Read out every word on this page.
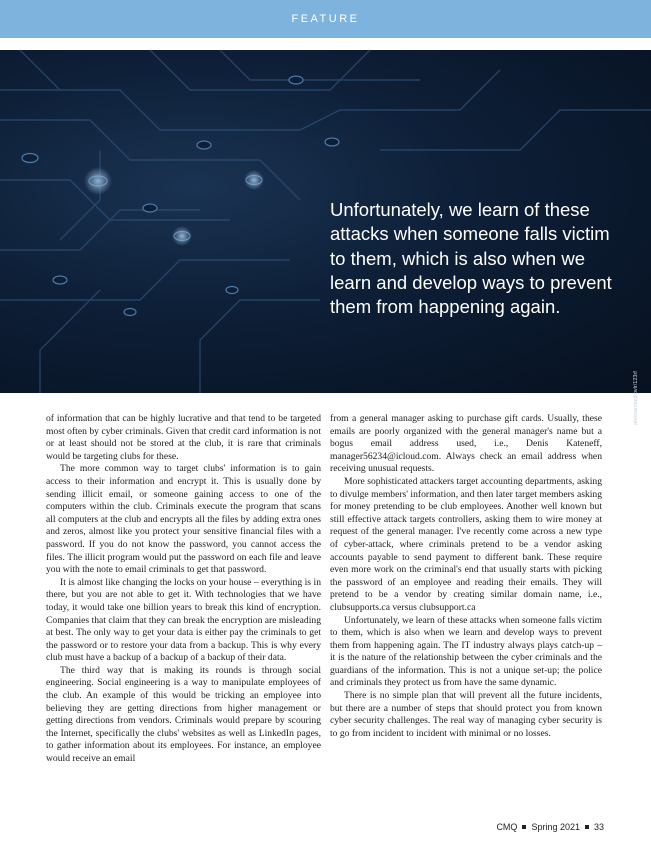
FEATURE

Unfortunately, we learn of these attacks when someone falls victim to them, which is also when we learn and develop ways to prevent them from happening again.

aleksandarjkovlr/123rf

of information that can be highly lucrative and that tend to be targeted most often by cyber criminals. Given that credit card information is not or at least should not be stored at the club, it is rare that criminals would be targeting clubs for these.

The more common way to target clubs' information is to gain access to their information and encrypt it. This is usually done by sending illicit email, or someone gaining access to one of the computers within the club. Criminals execute the program that scans all computers at the club and encrypts all the files by adding extra ones and zeros, almost like you protect your sensitive financial files with a password. If you do not know the password, you cannot access the files. The illicit program would put the password on each file and leave you with the note to email criminals to get that password.

It is almost like changing the locks on your house – everything is in there, but you are not able to get it. With technologies that we have today, it would take one billion years to break this kind of encryption. Companies that claim that they can break the encryption are misleading at best. The only way to get your data is either pay the criminals to get the password or to restore your data from a backup. This is why every club must have a backup of a backup of a backup of their data.

The third way that is making its rounds is through social engineering. Social engineering is a way to manipulate employees of the club. An example of this would be tricking an employee into believing they are getting directions from higher management or getting directions from vendors. Criminals would prepare by scouring the Internet, specifically the clubs' websites as well as LinkedIn pages, to gather information about its employees. For instance, an employee would receive an email

from a general manager asking to purchase gift cards. Usually, these emails are poorly organized with the general manager's name but a bogus email address used, i.e., Denis Kateneff, manager56234@icloud.com. Always check an email address when receiving unusual requests.

More sophisticated attackers target accounting departments, asking to divulge members' information, and then later target members asking for money pretending to be club employees. Another well known but still effective attack targets controllers, asking them to wire money at request of the general manager. I've recently come across a new type of cyber-attack, where criminals pretend to be a vendor asking accounts payable to send payment to different bank. These require even more work on the criminal's end that usually starts with picking the password of an employee and reading their emails. They will pretend to be a vendor by creating similar domain name, i.e., clubsupports.ca versus clubsupport.ca

Unfortunately, we learn of these attacks when someone falls victim to them, which is also when we learn and develop ways to prevent them from happening again. The IT industry always plays catch-up – it is the nature of the relationship between the cyber criminals and the guardians of the information. This is not a unique set-up; the police and criminals they protect us from have the same dynamic.

There is no simple plan that will prevent all the future incidents, but there are a number of steps that should protect you from known cyber security challenges. The real way of managing cyber security is to go from incident to incident with minimal or no losses.

CMQ Spring 2021 33
